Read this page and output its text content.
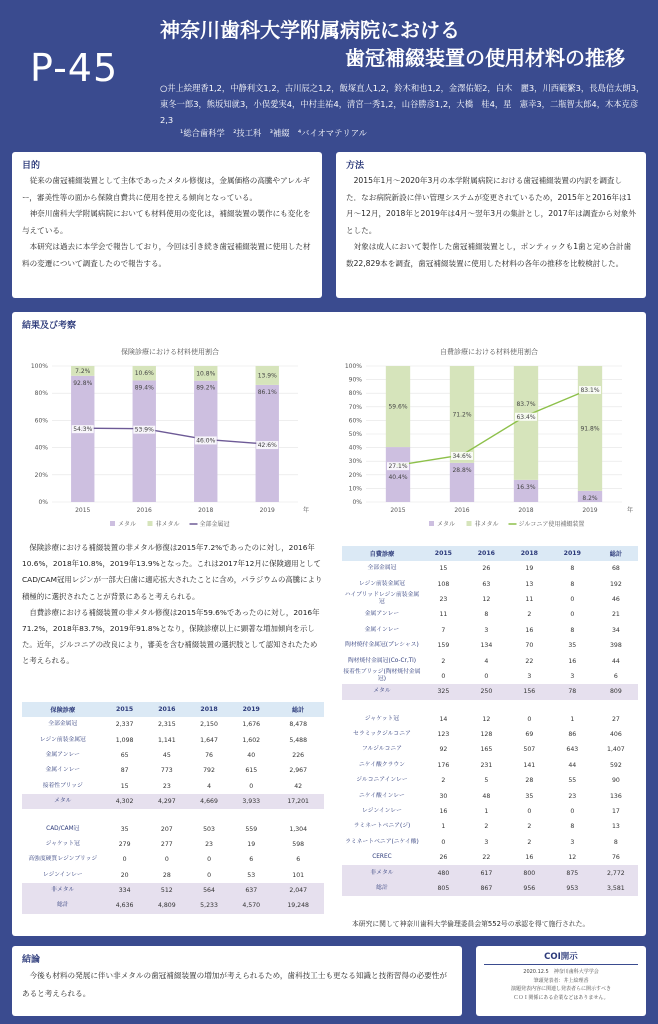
P-45
神奈川歯科大学附属病院における
歯冠補綴装置の使用材料の推移
○井上絵理香1,2，中静利文1,2，古川辰之1,2，飯塚直人1,2，鈴木和也1,2，金澤佑姫2，白木　麗3，川西範繁3，長島信太朗3，東冬一郎3，熊坂知就3，小俣愛実4，中村圭祐4，清宮一秀1,2，山谷勝彦1,2，大橋　桂4，星　憲幸3，二瓶智太郎4，木本克彦2,3
¹総合歯科学　²技工科　³補綴　⁴バイオマテリアル
目的
従来の歯冠補綴装置として主体であったメタル修復は，金属価格の高騰やアレルギー，審美性等の面から保険自費共に使用を控える傾向となっている。
神奈川歯科大学附属病院においても材料使用の変化は，補綴装置の製作にも変化を与えている。
本研究は過去に本学会で報告しており，今回は引き続き歯冠補綴装置に使用した材料の変遷について調査したので報告する。
方法
2015年1月～2020年3月の本学附属病院における歯冠補綴装置の内訳を調査した．なお病院新設に伴い管理システムが変更されているため，2015年と2016年は1月～12月，2018年と2019年は4月～翌年3月の集計とし，2017年は調査から対象外とした。
対象は成人において製作した歯冠補綴装置とし，ポンティックも1歯と定め合計歯数22,829本を調査，歯冠補綴装置に使用した材料の各年の推移を比較検討した。
結果及び考察
保険診療における材料使用割合
0%
20%
40%
60%
80%
100%
2015	2016	2018	2019	年
92.8%
7.2%
54.3%
89.4%
10.6%
53.9%
89.2%
10.8%
46.0%
86.1%
13.9%
42.6%
メタル	非メタル	全部金属冠
自費診療における材料使用割合
0%
10%
20%
30%
40%
50%
60%
70%
80%
90%
100%
2015	2016	2018	2019	年
40.4%
59.6%
27.1%
28.8%
71.2%
34.6%
16.3%
83.7%
63.4%
8.2%
91.8%
83.1%
メタル	非メタル	ジルコニア使用補綴装置
保険診療における補綴装置の非メタル修復は2015年7.2%であったのに対し，2016年10.6%，2018年10.8%，2019年13.9%となった。これは2017年12月に保険適用としてCAD/CAM冠用レジンが一部大臼歯に適応拡大されたことに含め，パラジウムの高騰により積極的に選択されたことが背景にあると考えられる。
自費診療における補綴装置の非メタル修復は2015年59.6%であったのに対し，2016年71.2%，2018年83.7%，2019年91.8%となり，保険診療以上に顕著な増加傾向を示した。近年，ジルコニアの改良により，審美を含む補綴装置の選択肢として認知されたためと考えられる。
保険診療	2015	2016	2018	2019	総計
全部金属冠	2,337	2,315	2,150	1,676	8,478
レジン前装金属冠	1,098	1,141	1,647	1,602	5,488
金属アンレー	65	45	76	40	226
金属インレー	87	773	792	615	2,967
接着性ブリッジ	15	23	4	0	42
メタル	4,302	4,297	4,669	3,933	17,201

CAD/CAM冠	35	207	503	559	1,304
ジャケット冠	279	277	23	19	598
高強度硬質レジンブリッジ	0	0	0	6	6
レジンインレー	20	28	0	53	101
非メタル	334	512	564	637	2,047
総計	4,636	4,809	5,233	4,570	19,248
自費診療	2015	2016	2018	2019	総計
全部金属冠	15	26	19	8	68
レジン前装金属冠	108	63	13	8	192
ハイブリッドレジン前装金属冠	23	12	11	0	46
金属アンレー	11	8	2	0	21
金属インレー	7	3	16	8	34
陶材焼付金属冠(プレシャス)	159	134	70	35	398
陶材焼付金属冠(Co-Cr,Ti)	2	4	22	16	44
接着性ブリッジ(陶材焼付金属冠)	0	0	3	3	6
メタル	325	250	156	78	809

ジャケット冠	14	12	0	1	27
セラミックジルコニア	123	128	69	86	406
フルジルコニア	92	165	507	643	1,407
ニケイ酸クラウン	176	231	141	44	592
ジルコニアインレー	2	5	28	55	90
ニケイ酸インレー	30	48	35	23	136
レジンインレー	16	1	0	0	17
ラミネートベニア(ジ)	1	2	2	8	13
ラミネートベニア(ニケイ酸)	0	3	2	3	8
CEREC	26	22	16	12	76
非メタル	480	617	800	875	2,772
総計	805	867	956	953	3,581
本研究に関して神奈川歯科大学倫理委員会第552号の承認を得て施行された。
結論
今後も材料の発展に伴い非メタルの歯冠補綴装置の増加が考えられるため，歯科技工士も更なる知識と技術習得の必要性があると考えられる。
COI開示
2020.12.5　神奈川歯科大学学会
筆頭発表者：井上絵理香
演題発表内容に関連し発表者らに開示すべき
ＣＯＩ関係にある企業などはありません。
